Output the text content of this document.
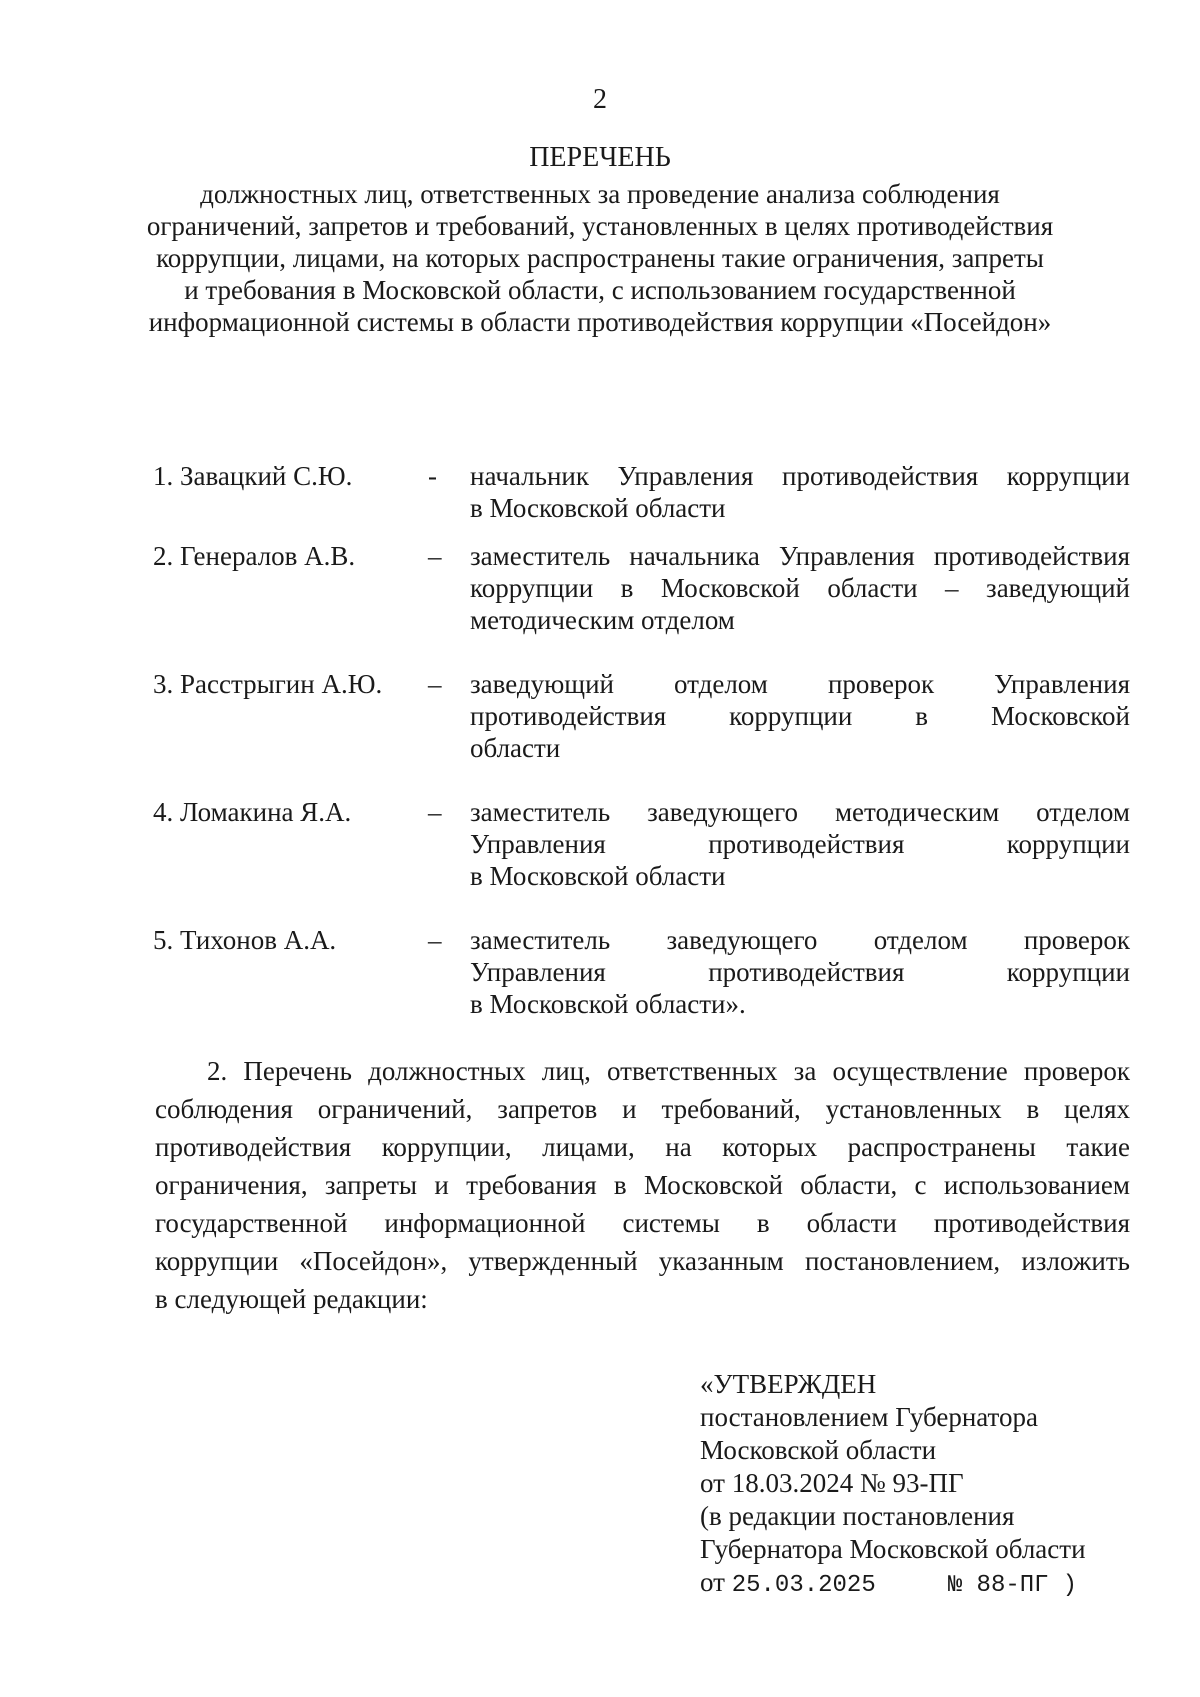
2
ПЕРЕЧЕНЬ
должностных лиц, ответственных за проведение анализа соблюдения
ограничений, запретов и требований, установленных в целях противодействия
коррупции, лицами, на которых распространены такие ограничения, запреты
и требования в Московской области, с использованием государственной
информационной системы в области противодействия коррупции «Посейдон»
1. Завацкий С.Ю.	- начальник Управления противодействия коррупции
в Московской области
2. Генералов А.В.	– заместитель начальника Управления противодействия
коррупции в Московской области – заведующий
методическим отделом
3. Расстрыгин А.Ю. – заведующий отделом проверок Управления
противодействия коррупции в Московской
области
4. Ломакина Я.А.	– заместитель заведующего методическим отделом
Управления противодействия коррупции
в Московской области
5. Тихонов А.А.	– заместитель заведующего отделом проверок
Управления противодействия коррупции
в Московской области».
2. Перечень должностных лиц, ответственных за осуществление проверок
соблюдения ограничений, запретов и требований, установленных в целях
противодействия коррупции, лицами, на которых распространены такие
ограничения, запреты и требования в Московской области, с использованием
государственной информационной системы в области противодействия
коррупции «Посейдон», утвержденный указанным постановлением, изложить
в следующей редакции:
«УТВЕРЖДЕН
постановлением Губернатора
Московской области
от 18.03.2024 № 93-ПГ
(в редакции постановления
Губернатора Московской области
от 25.03.2025	№ 88-ПГ )
